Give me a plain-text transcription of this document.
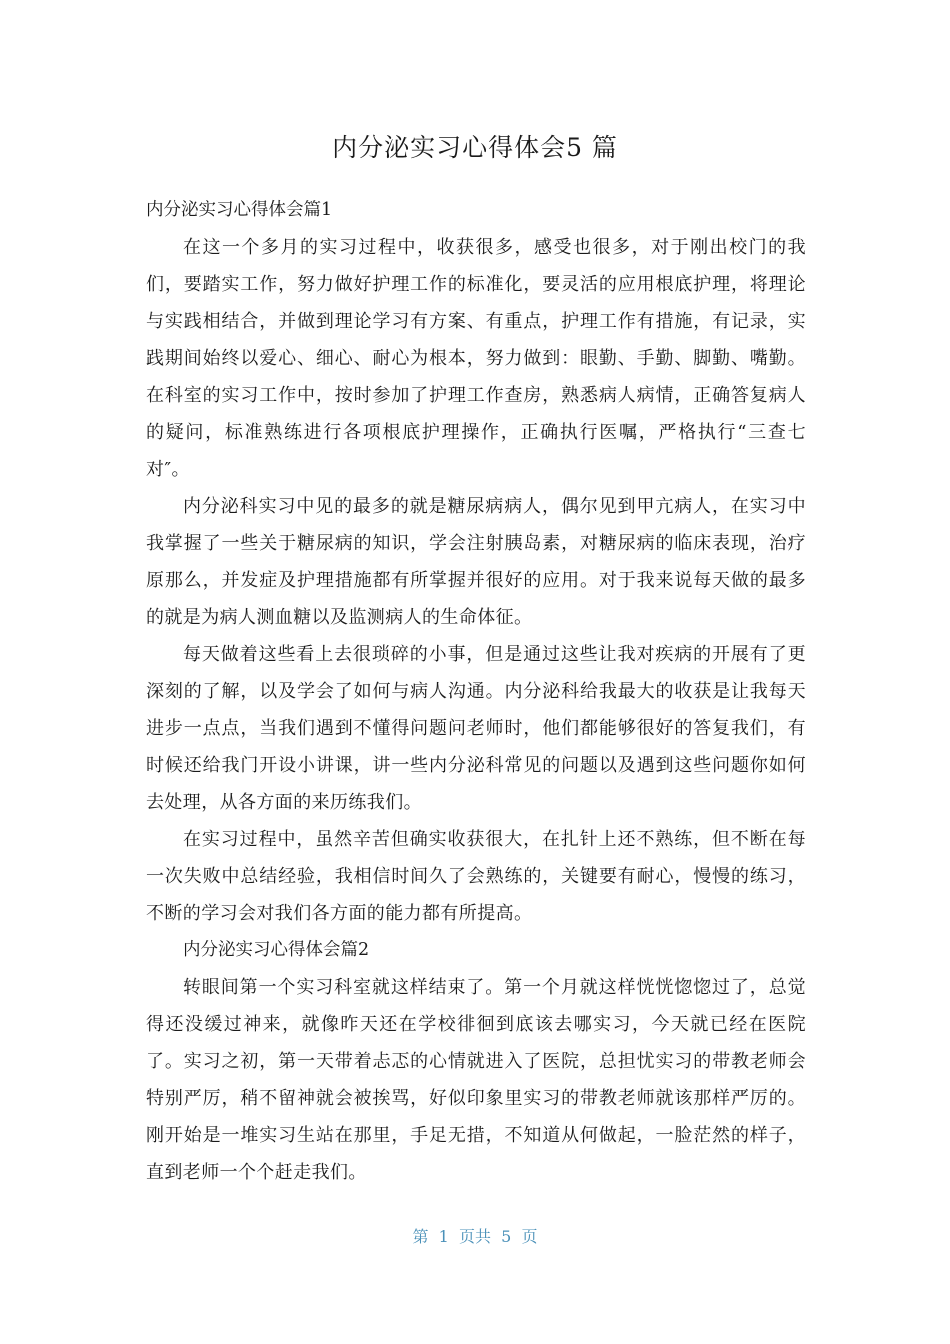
内分泌实习心得体会5 篇

内分泌实习心得体会篇1

在这一个多月的实习过程中，收获很多，感受也很多，对于刚出校门的我们，要踏实工作，努力做好护理工作的标准化，要灵活的应用根底护理，将理论与实践相结合，并做到理论学习有方案、有重点，护理工作有措施，有记录，实践期间始终以爱心、细心、耐心为根本，努力做到：眼勤、手勤、脚勤、嘴勤。在科室的实习工作中，按时参加了护理工作查房，熟悉病人病情，正确答复病人的疑问，标准熟练进行各项根底护理操作，正确执行医嘱，严格执行“三查七对″。

内分泌科实习中见的最多的就是糖尿病病人，偶尔见到甲亢病人，在实习中我掌握了一些关于糖尿病的知识，学会注射胰岛素，对糖尿病的临床表现，治疗原那么，并发症及护理措施都有所掌握并很好的应用。对于我来说每天做的最多的就是为病人测血糖以及监测病人的生命体征。

每天做着这些看上去很琐碎的小事，但是通过这些让我对疾病的开展有了更深刻的了解，以及学会了如何与病人沟通。内分泌科给我最大的收获是让我每天进步一点点，当我们遇到不懂得问题问老师时，他们都能够很好的答复我们，有时候还给我门开设小讲课，讲一些内分泌科常见的问题以及遇到这些问题你如何去处理，从各方面的来历练我们。

在实习过程中，虽然辛苦但确实收获很大，在扎针上还不熟练，但不断在每一次失败中总结经验，我相信时间久了会熟练的，关键要有耐心，慢慢的练习，不断的学习会对我们各方面的能力都有所提高。

内分泌实习心得体会篇2

转眼间第一个实习科室就这样结束了。第一个月就这样恍恍惚惚过了，总觉得还没缓过神来，就像昨天还在学校徘徊到底该去哪实习，今天就已经在医院了。实习之初，第一天带着忐忑的心情就进入了医院，总担忧实习的带教老师会特别严厉，稍不留神就会被挨骂，好似印象里实习的带教老师就该那样严厉的。刚开始是一堆实习生站在那里，手足无措，不知道从何做起，一脸茫然的样子，直到老师一个个赶走我们。

第  1  页共  5  页
